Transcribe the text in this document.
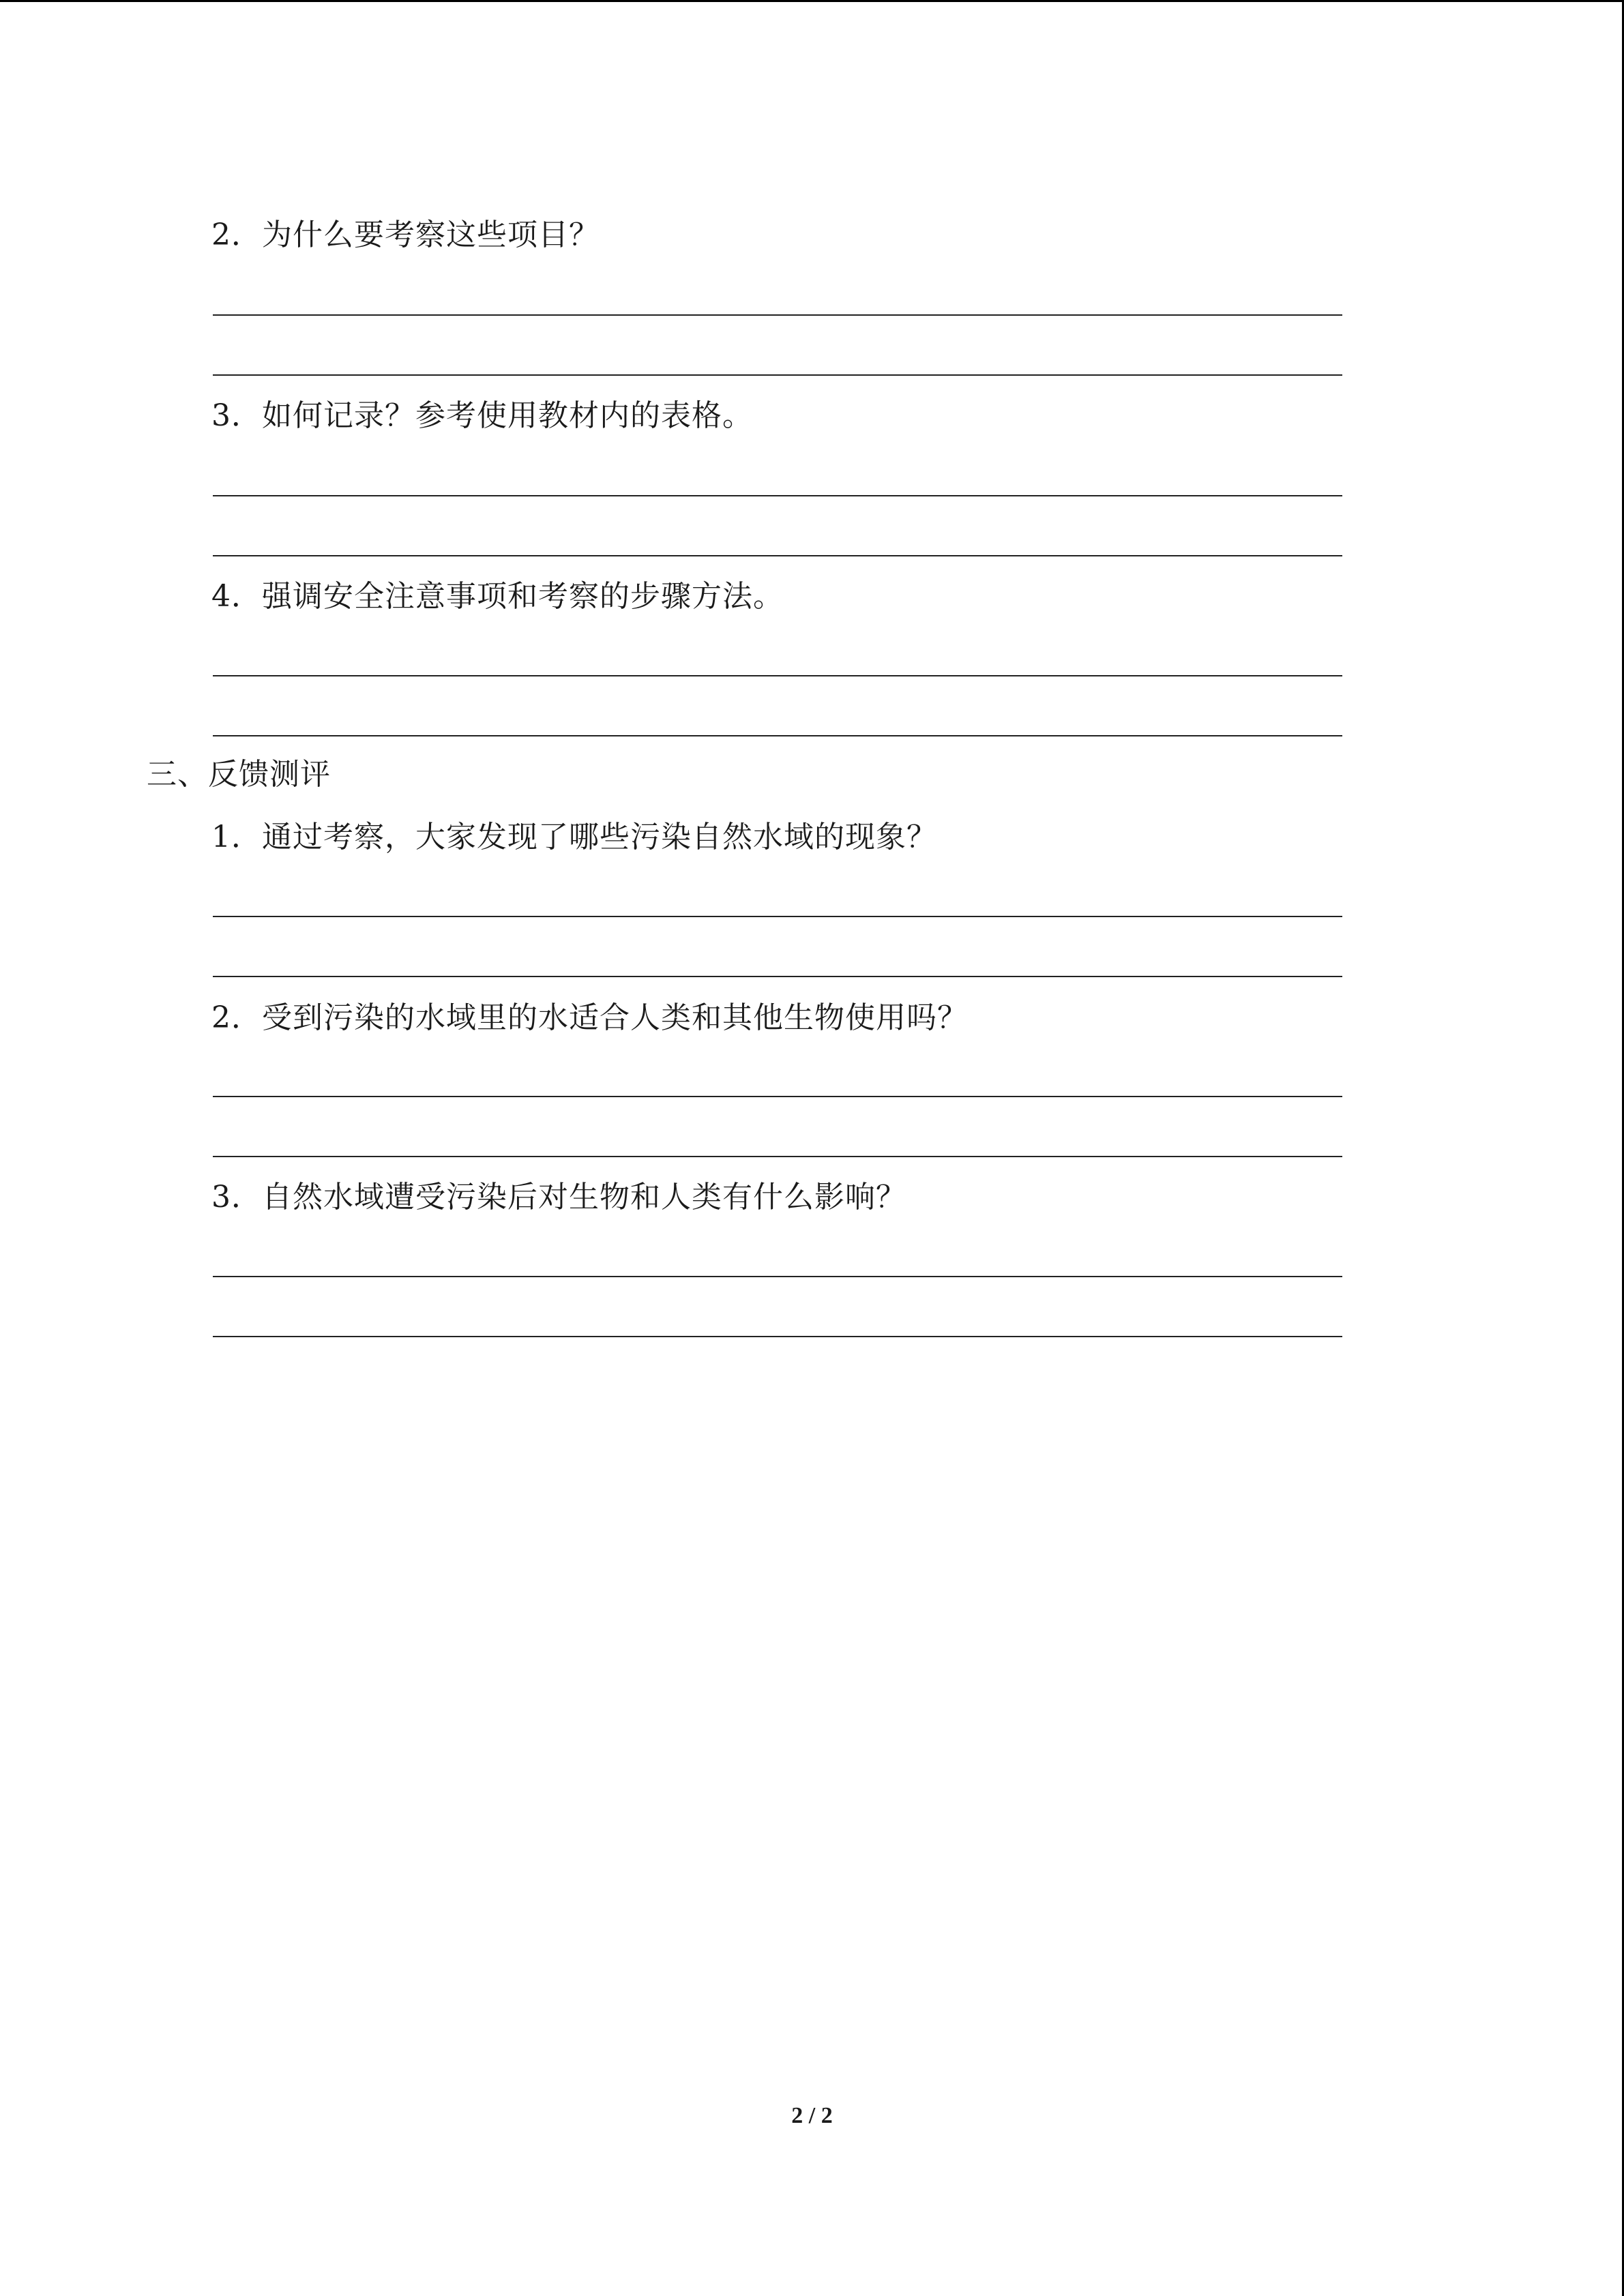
2．为什么要考察这些项目？
3．如何记录？参考使用教材内的表格。
4．强调安全注意事项和考察的步骤方法。
三、反馈测评
1．通过考察，大家发现了哪些污染自然水域的现象？
2．受到污染的水域里的水适合人类和其他生物使用吗？
3．自然水域遭受污染后对生物和人类有什么影响？
2 / 2
